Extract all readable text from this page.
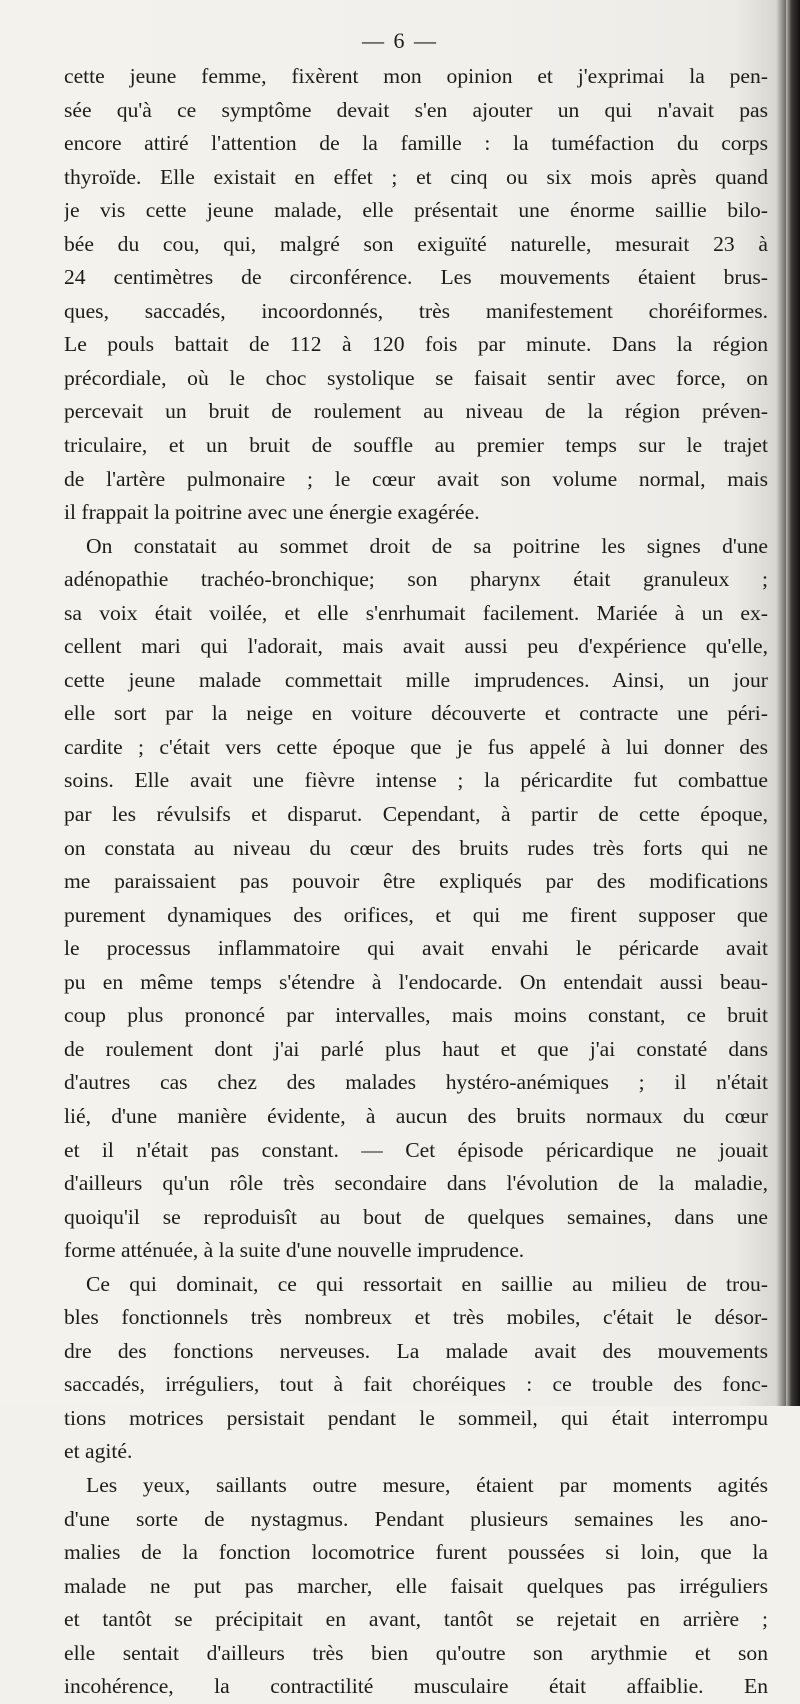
— 6 —

cette jeune femme, fixèrent mon opinion et j'exprimai la pen-
sée qu'à ce symptôme devait s'en ajouter un qui n'avait pas
encore attiré l'attention de la famille : la tuméfaction du corps
thyroïde. Elle existait en effet ; et cinq ou six mois après quand
je vis cette jeune malade, elle présentait une énorme saillie bilo-
bée du cou, qui, malgré son exiguïté naturelle, mesurait 23 à
24 centimètres de circonférence. Les mouvements étaient brus-
ques, saccadés, incoordonnés, très manifestement choréiformes.
Le pouls battait de 112 à 120 fois par minute. Dans la région
précordiale, où le choc systolique se faisait sentir avec force, on
percevait un bruit de roulement au niveau de la région préven-
triculaire, et un bruit de souffle au premier temps sur le trajet
de l'artère pulmonaire ; le cœur avait son volume normal, mais
il frappait la poitrine avec une énergie exagérée.

On constatait au sommet droit de sa poitrine les signes d'une
adénopathie trachéo-bronchique; son pharynx était granuleux ;
sa voix était voilée, et elle s'enrhumait facilement. Mariée à un ex-
cellent mari qui l'adorait, mais avait aussi peu d'expérience qu'elle,
cette jeune malade commettait mille imprudences. Ainsi, un jour
elle sort par la neige en voiture découverte et contracte une péri-
cardite ; c'était vers cette époque que je fus appelé à lui donner des
soins. Elle avait une fièvre intense ; la péricardite fut combattue
par les révulsifs et disparut. Cependant, à partir de cette époque,
on constata au niveau du cœur des bruits rudes très forts qui ne
me paraissaient pas pouvoir être expliqués par des modifications
purement dynamiques des orifices, et qui me firent supposer que
le processus inflammatoire qui avait envahi le péricarde avait
pu en même temps s'étendre à l'endocarde. On entendait aussi beau-
coup plus prononcé par intervalles, mais moins constant, ce bruit
de roulement dont j'ai parlé plus haut et que j'ai constaté dans
d'autres cas chez des malades hystéro-anémiques ; il n'était
lié, d'une manière évidente, à aucun des bruits normaux du cœur
et il n'était pas constant. — Cet épisode péricardique ne jouait
d'ailleurs qu'un rôle très secondaire dans l'évolution de la maladie,
quoiqu'il se reproduisît au bout de quelques semaines, dans une
forme atténuée, à la suite d'une nouvelle imprudence.

Ce qui dominait, ce qui ressortait en saillie au milieu de trou-
bles fonctionnels très nombreux et très mobiles, c'était le désor-
dre des fonctions nerveuses. La malade avait des mouvements
saccadés, irréguliers, tout à fait choréiques : ce trouble des fonc-
tions motrices persistait pendant le sommeil, qui était interrompu
et agité.

Les yeux, saillants outre mesure, étaient par moments agités
d'une sorte de nystagmus. Pendant plusieurs semaines les ano-
malies de la fonction locomotrice furent poussées si loin, que la
malade ne put pas marcher, elle faisait quelques pas irréguliers
et tantôt se précipitait en avant, tantôt se rejetait en arrière ;
elle sentait d'ailleurs très bien qu'outre son arythmie et son
incohérence, la contractilité musculaire était affaiblie. En
